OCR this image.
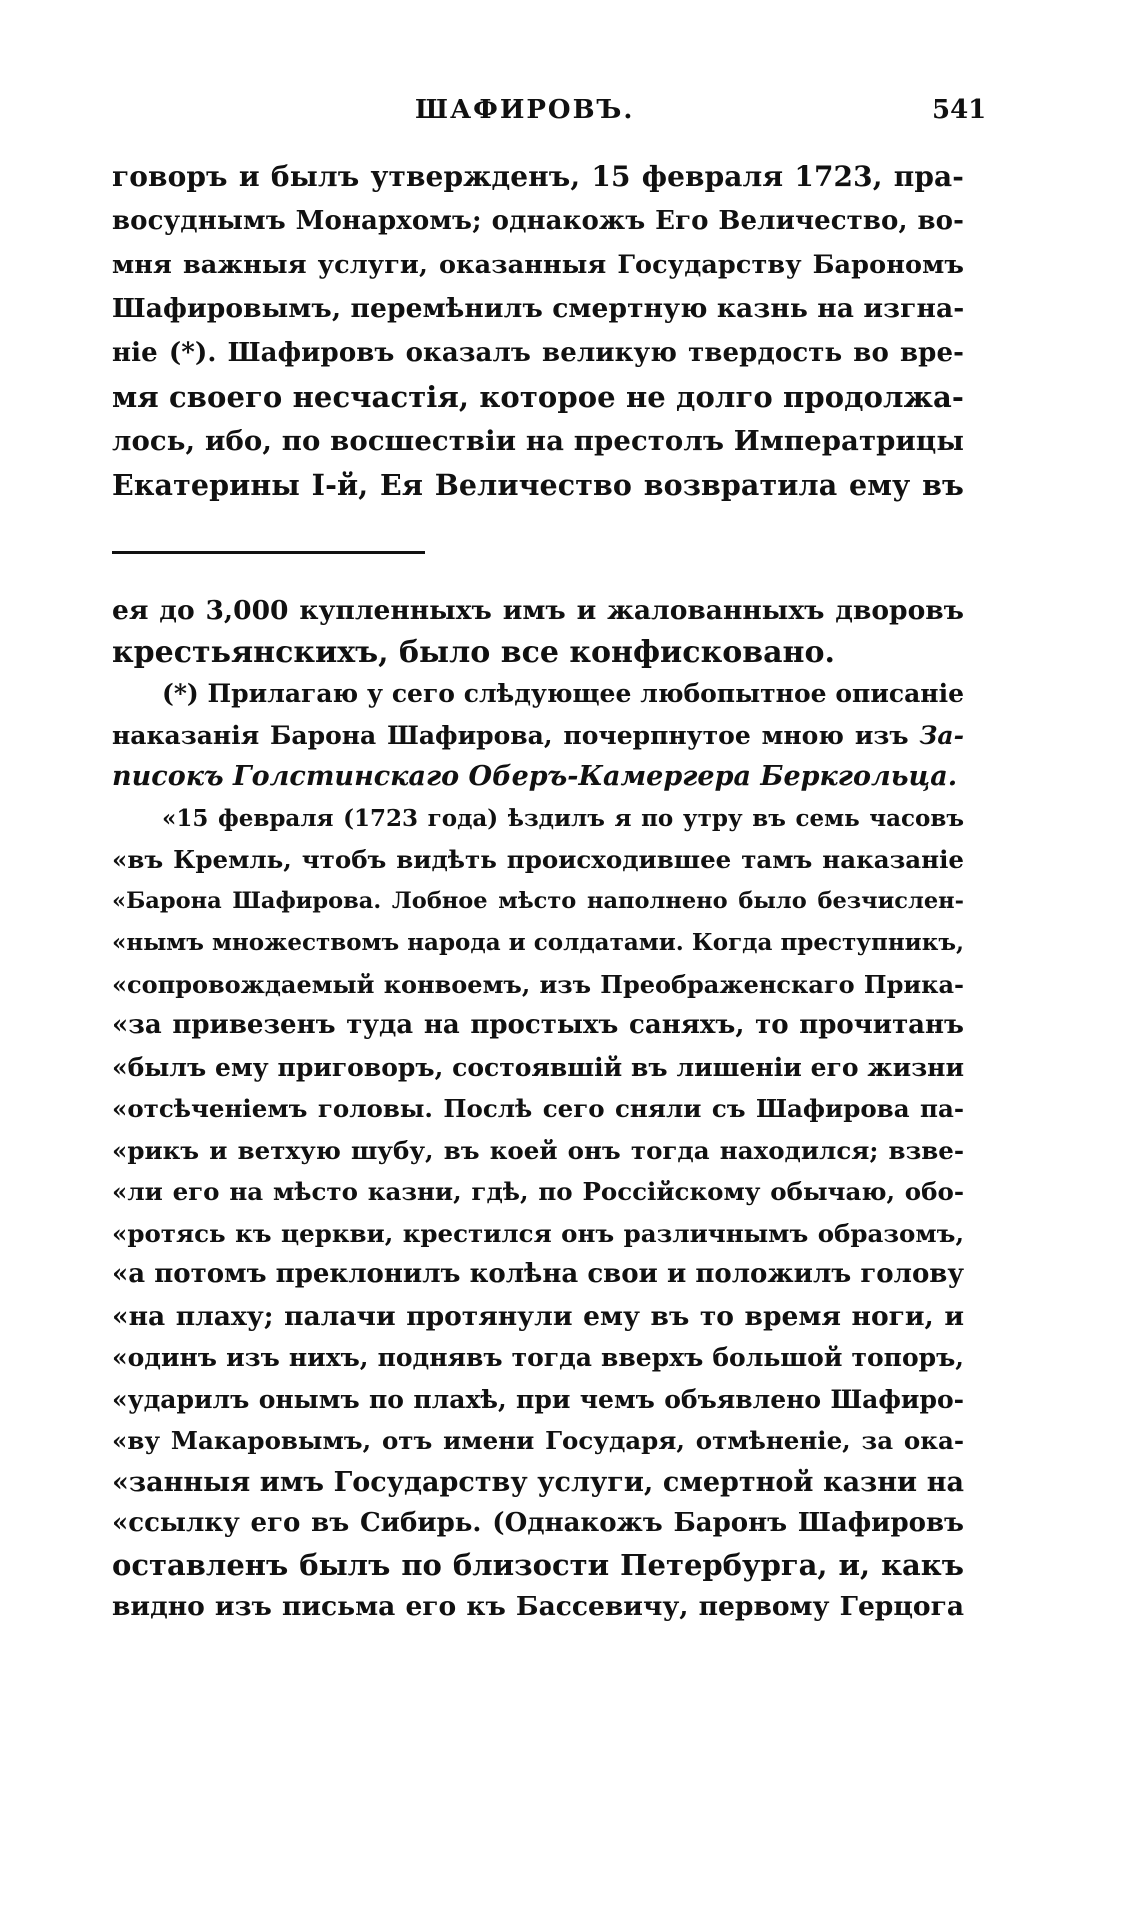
ШАФИРОВЪ.	541
говоръ и былъ утвержденъ, 15 февраля 1723, пра-
восуднымъ Монархомъ; однакожъ Его Величество, во-
мня важныя услуги, оказанныя Государству Барономъ
Шафировымъ, перемѣнилъ смертную казнь на изгна-
ніе (*). Шафировъ оказалъ великую твердость во вре-
мя своего несчастія, которое не долго продолжа-
лось, ибо, по восшествіи на престолъ Императрицы
Екатерины І-й, Ея Величество возвратила ему въ
ея до 3,000 купленныхъ имъ и жалованныхъ дворовъ
крестьянскихъ, было все конфисковано.
(*) Прилагаю у сего слѣдующее любопытное описаніе
наказанія Барона Шафирова, почерпнутое мною изъ За-
писокъ Голстинскаго Оберъ-Камергера Беркгольца.
«15 февраля (1723 года) ѣздилъ я по утру въ семь часовъ
«въ Кремль, чтобъ видѣть происходившее тамъ наказаніе
«Барона Шафирова. Лобное мѣсто наполнено было безчислен-
«нымъ множествомъ народа и солдатами. Когда преступникъ,
«сопровождаемый конвоемъ, изъ Преображенскаго Прика-
«за привезенъ туда на простыхъ саняхъ, то прочитанъ
«былъ ему приговоръ, состоявшій въ лишеніи его жизни
«отсѣченіемъ головы. Послѣ сего сняли съ Шафирова па-
«рикъ и ветхую шубу, въ коей онъ тогда находился; взве-
«ли его на мѣсто казни, гдѣ, по Россійскому обычаю, обо-
«ротясь къ церкви, крестился онъ различнымъ образомъ,
«а потомъ преклонилъ колѣна свои и положилъ голову
«на плаху; палачи протянули ему въ то время ноги, и
«одинъ изъ нихъ, поднявъ тогда вверхъ большой топоръ,
«ударилъ онымъ по плахѣ, при чемъ объявлено Шафиро-
«ву Макаровымъ, отъ имени Государя, отмѣненіе, за ока-
«занныя имъ Государству услуги, смертной казни на
«ссылку его въ Сибирь. (Однакожъ Баронъ Шафировъ
оставленъ былъ по близости Петербурга, и, какъ
видно изъ письма его къ Бассевичу, первому Герцога
